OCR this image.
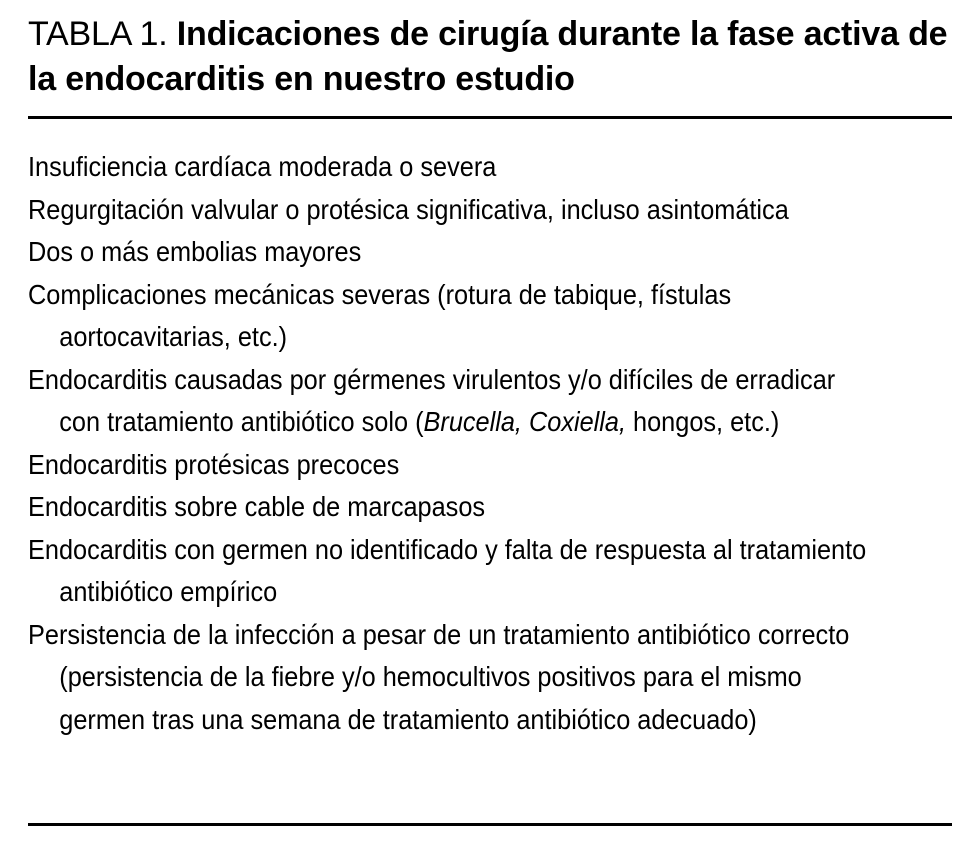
TABLA 1. Indicaciones de cirugía durante la fase activa de la endocarditis en nuestro estudio

Insuficiencia cardíaca moderada o severa
Regurgitación valvular o protésica significativa, incluso asintomática
Dos o más embolias mayores
Complicaciones mecánicas severas (rotura de tabique, fístulas aortocavitarias, etc.)
Endocarditis causadas por gérmenes virulentos y/o difíciles de erradicar con tratamiento antibiótico solo (Brucella, Coxiella, hongos, etc.)
Endocarditis protésicas precoces
Endocarditis sobre cable de marcapasos
Endocarditis con germen no identificado y falta de respuesta al tratamiento antibiótico empírico
Persistencia de la infección a pesar de un tratamiento antibiótico correcto (persistencia de la fiebre y/o hemocultivos positivos para el mismo germen tras una semana de tratamiento antibiótico adecuado)
